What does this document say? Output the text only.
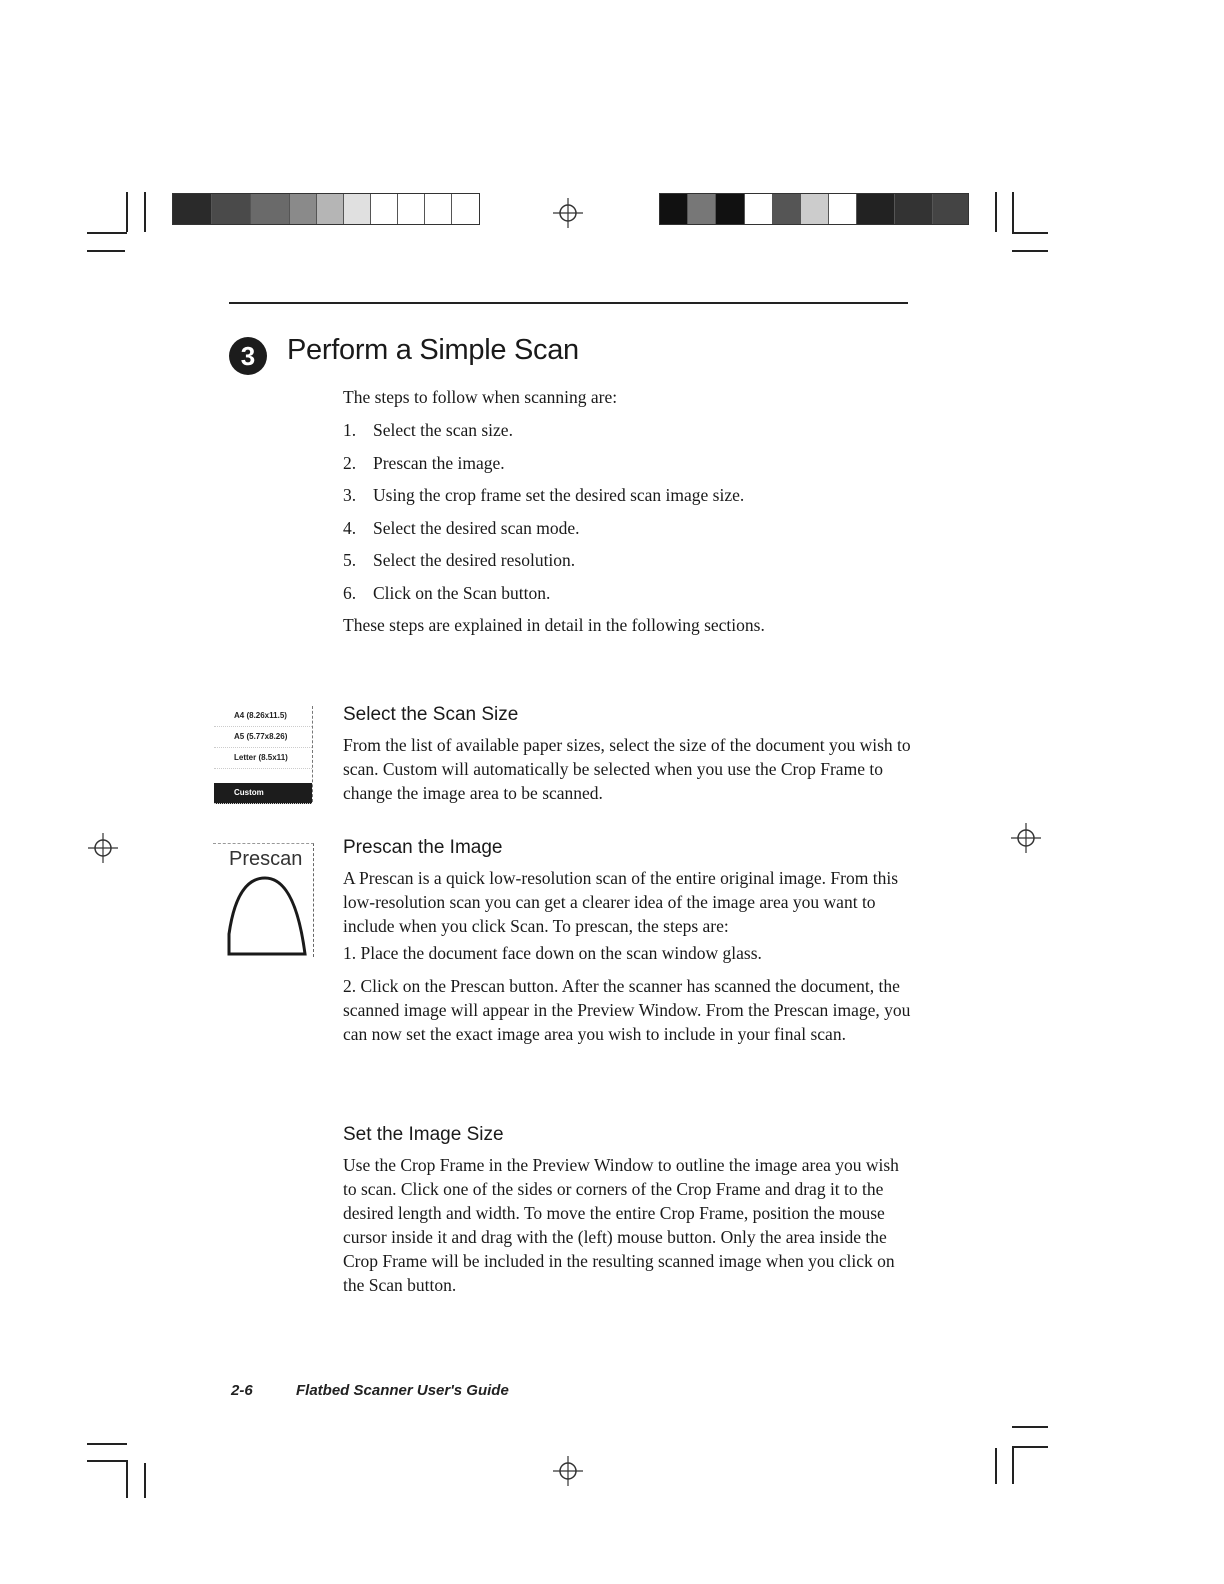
3	Perform a Simple Scan

The steps to follow when scanning are:

1. Select the scan size.
2. Prescan the image.
3. Using the crop frame set the desired scan image size.
4. Select the desired scan mode.
5. Select the desired resolution.
6. Click on the Scan button.

These steps are explained in detail in the following sections.

A4 (8.26x11.5)
A5 (5.77x8.26)
Letter (8.5x11)
Custom
Select the Scan Size

From the list of available paper sizes, select the size of the document you wish to scan. Custom will automatically be selected when you use the Crop Frame to change the image area to be scanned.

Prescan
Prescan the Image

A Prescan is a quick low-resolution scan of the entire original image. From this low-resolution scan you can get a clearer idea of the image area you want to include when you click Scan. To prescan, the steps are:

1. Place the document face down on the scan window glass.

2. Click on the Prescan button. After the scanner has scanned the document, the scanned image will appear in the Preview Window. From the Prescan image, you can now set the exact image area you wish to include in your final scan.

Set the Image Size

Use the Crop Frame in the Preview Window to outline the image area you wish to scan. Click one of the sides or corners of the Crop Frame and drag it to the desired length and width. To move the entire Crop Frame, position the mouse cursor inside it and drag with the (left) mouse button. Only the area inside the Crop Frame will be included in the resulting scanned image when you click on the Scan button.

2-6	Flatbed Scanner User's Guide
